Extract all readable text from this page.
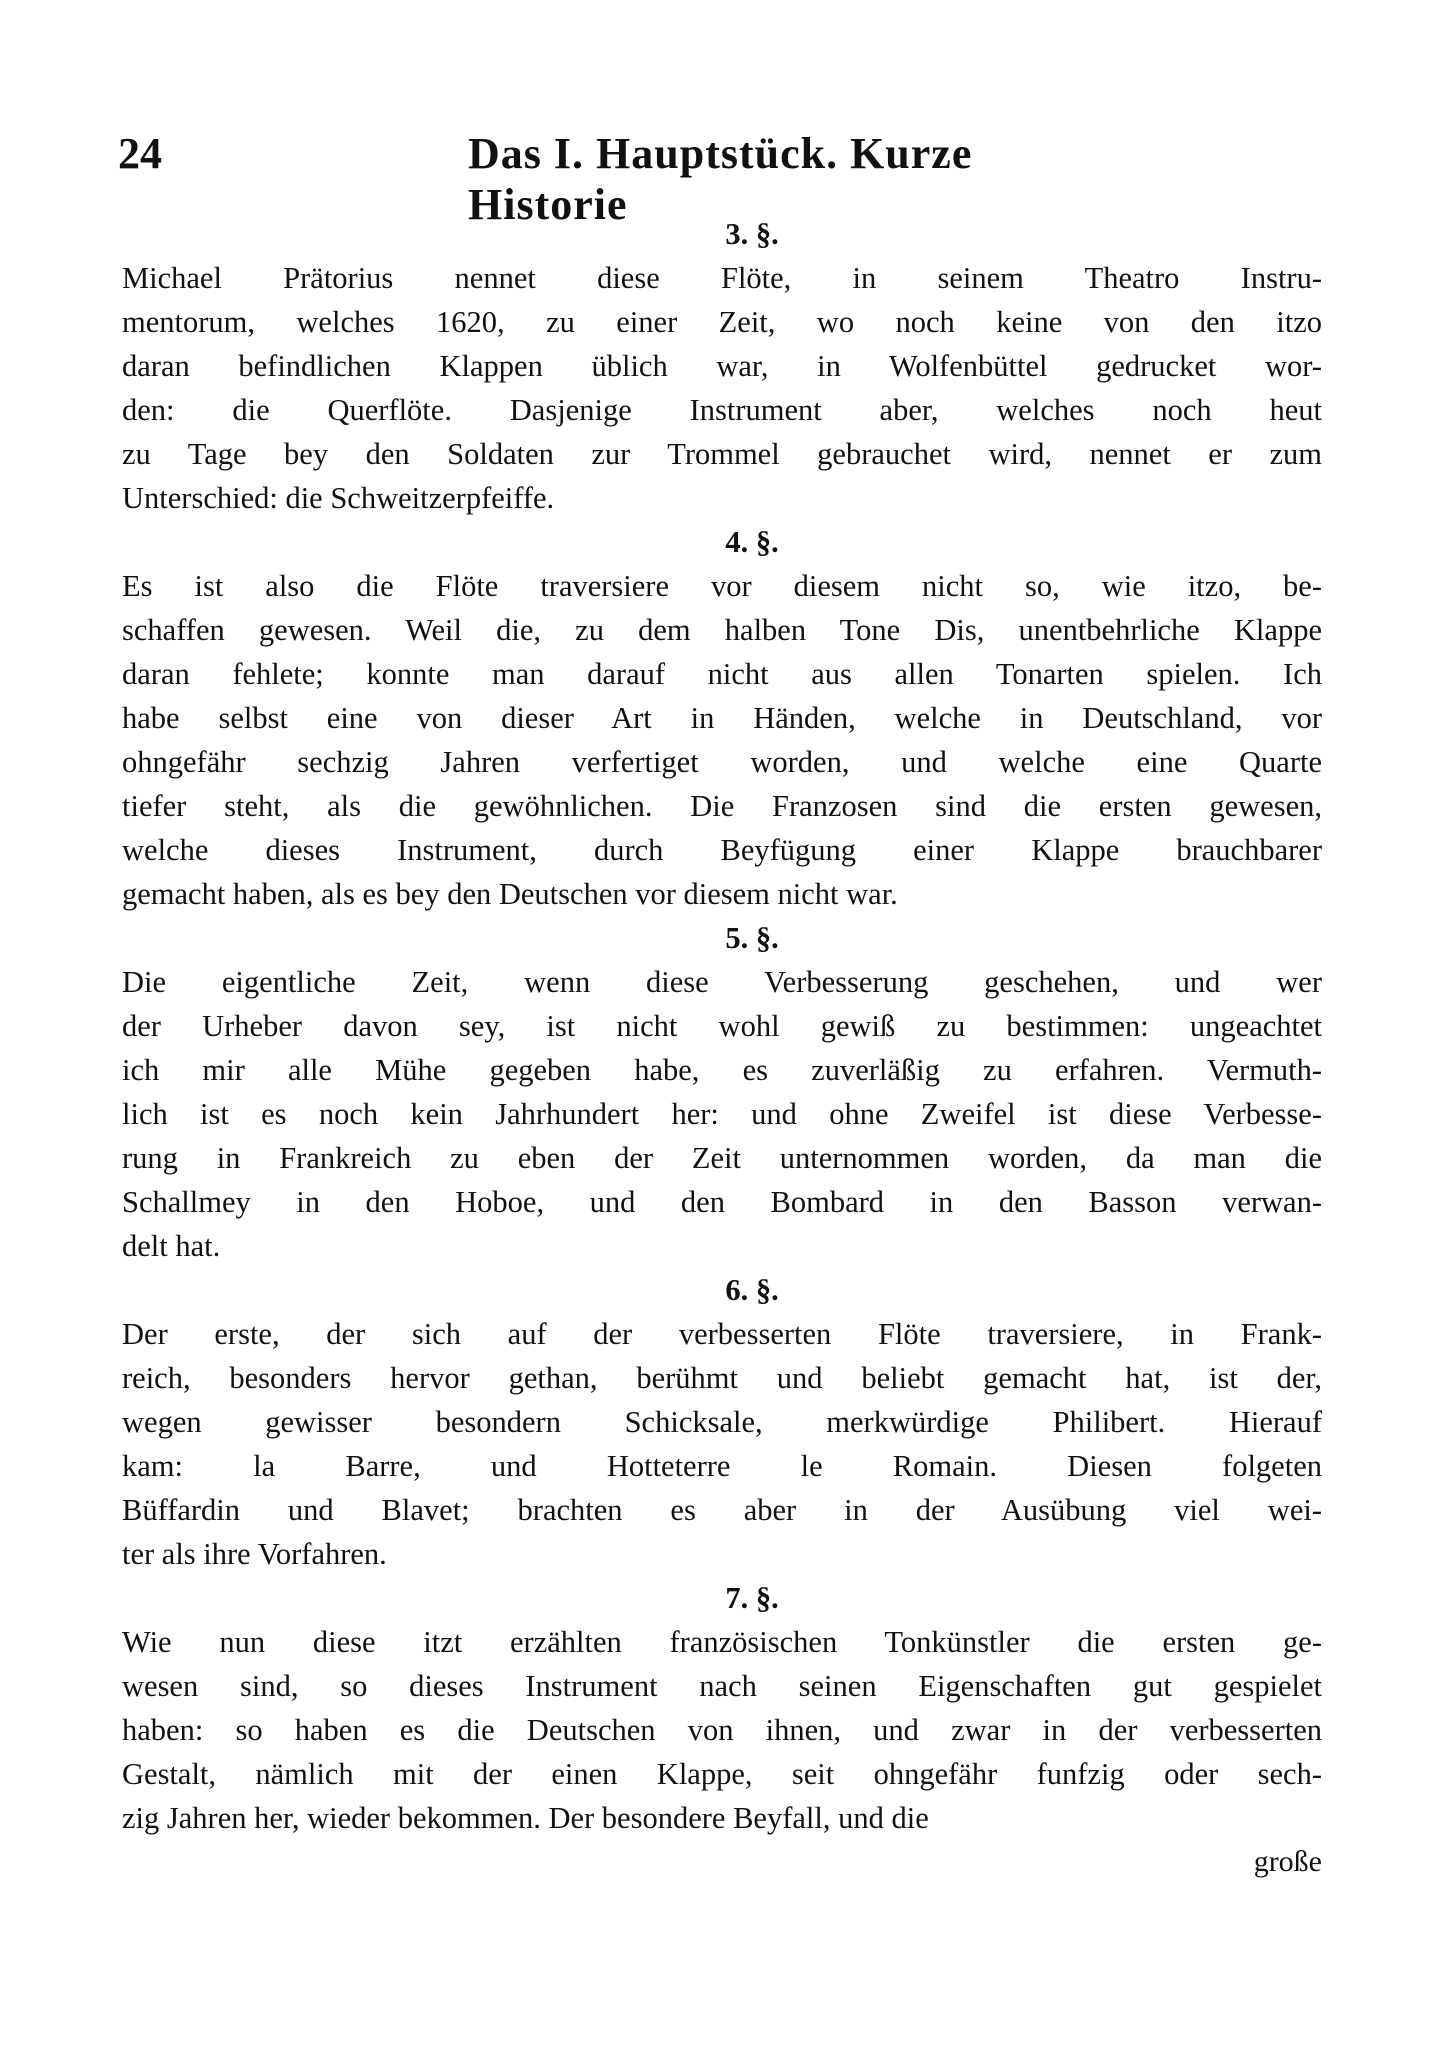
24	Das I. Hauptstück. Kurze Historie

3. §.

Michael Prätorius nennet diese Flöte, in seinem Theatro Instru-
mentorum, welches 1620, zu einer Zeit, wo noch keine von den itzo
daran befindlichen Klappen üblich war, in Wolfenbüttel gedrucket wor-
den: die Querflöte. Dasjenige Instrument aber, welches noch heut
zu Tage bey den Soldaten zur Trommel gebrauchet wird, nennet er zum
Unterschied: die Schweitzerpfeiffe.

4. §.

Es ist also die Flöte traversiere vor diesem nicht so, wie itzo, be-
schaffen gewesen. Weil die, zu dem halben Tone Dis, unentbehrliche Klappe
daran fehlete; konnte man darauf nicht aus allen Tonarten spielen. Ich
habe selbst eine von dieser Art in Händen, welche in Deutschland, vor
ohngefähr sechzig Jahren verfertiget worden, und welche eine Quarte
tiefer steht, als die gewöhnlichen. Die Franzosen sind die ersten gewesen,
welche dieses Instrument, durch Beyfügung einer Klappe brauchbarer
gemacht haben, als es bey den Deutschen vor diesem nicht war.

5. §.

Die eigentliche Zeit, wenn diese Verbesserung geschehen, und wer
der Urheber davon sey, ist nicht wohl gewiß zu bestimmen: ungeachtet
ich mir alle Mühe gegeben habe, es zuverläßig zu erfahren. Vermuth-
lich ist es noch kein Jahrhundert her: und ohne Zweifel ist diese Verbesse-
rung in Frankreich zu eben der Zeit unternommen worden, da man die
Schallmey in den Hoboe, und den Bombard in den Basson verwan-
delt hat.

6. §.

Der erste, der sich auf der verbesserten Flöte traversiere, in Frank-
reich, besonders hervor gethan, berühmt und beliebt gemacht hat, ist der,
wegen gewisser besondern Schicksale, merkwürdige Philibert. Hierauf
kam: la Barre, und Hotteterre le Romain. Diesen folgeten
Büffardin und Blavet; brachten es aber in der Ausübung viel wei-
ter als ihre Vorfahren.

7. §.

Wie nun diese itzt erzählten französischen Tonkünstler die ersten ge-
wesen sind, so dieses Instrument nach seinen Eigenschaften gut gespielet
haben: so haben es die Deutschen von ihnen, und zwar in der verbesserten
Gestalt, nämlich mit der einen Klappe, seit ohngefähr funfzig oder sech-
zig Jahren her, wieder bekommen. Der besondere Beyfall, und die

große
